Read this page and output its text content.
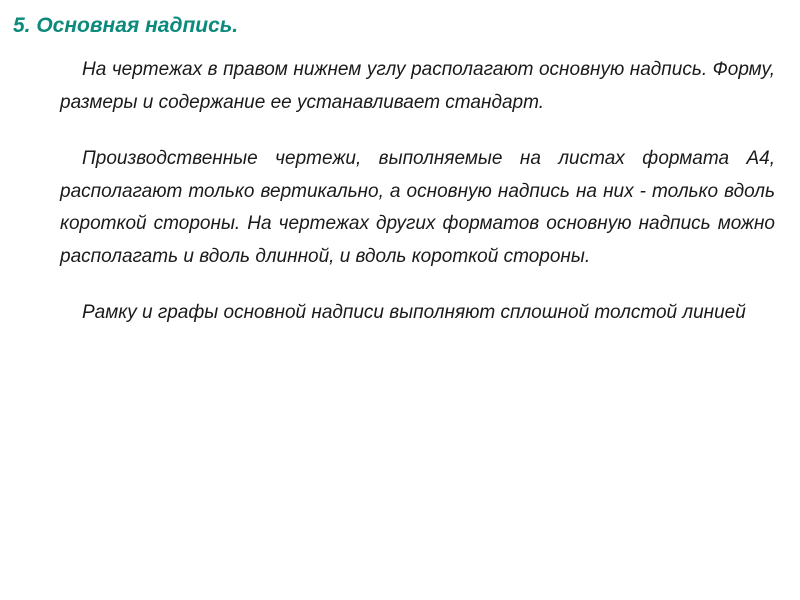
5. Основная надпись.

На чертежах в правом нижнем углу располагают основную надпись. Форму, размеры и содержание ее устанавливает стандарт.

Производственные чертежи, выполняемые на листах формата А4, располагают только вертикально, а основную надпись на них - только вдоль короткой стороны. На чертежах других форматов основную надпись можно располагать и вдоль длинной, и вдоль короткой стороны.

Рамку и графы основной надписи выполняют сплошной толстой линией
